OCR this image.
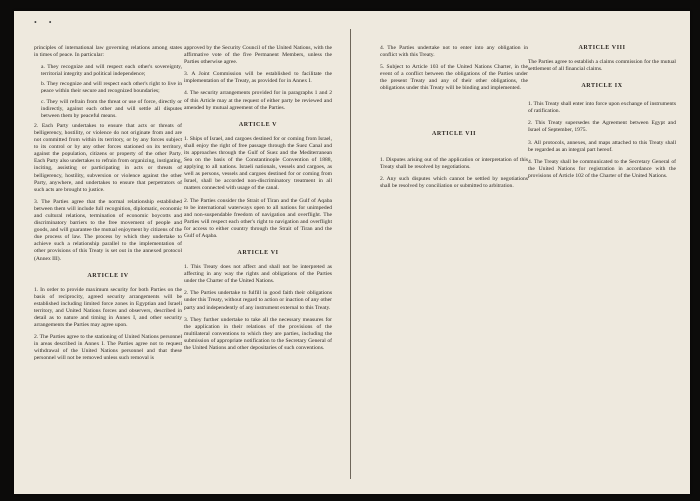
• •

principles of international law governing relations among states in times of peace. In particular:

a. They recognize and will respect each other's sovereignty, territorial integrity and political independence;

b. They recognize and will respect each other's right to live in peace within their secure and recognized boundaries;

c. They will refrain from the threat or use of force, directly or indirectly, against each other and will settle all disputes between them by peaceful means.

2. Each Party undertakes to ensure that acts or threats of belligerency, hostility, or violence do not originate from and are not committed from within its territory, or by any forces subject to its control or by any other forces stationed on its territory, against the population, citizens or property of the other Party. Each Party also undertakes to refrain from organizing, instigating, inciting, assisting or participating in acts or threats of belligerency, hostility, subversion or violence against the other Party, anywhere, and undertakes to ensure that perpetrators of such acts are brought to justice.

3. The Parties agree that the normal relationship established between them will include full recognition, diplomatic, economic and cultural relations, termination of economic boycotts and discriminatory barriers to the free movement of people and goods, and will guarantee the mutual enjoyment by citizens of the due process of law. The process by which they undertake to achieve such a relationship parallel to the implementation of other provisions of this Treaty is set out in the annexed protocol (Annex III).

ARTICLE IV

1. In order to provide maximum security for both Parties on the basis of reciprocity, agreed security arrangements will be established including limited force zones in Egyptian and Israeli territory, and United Nations forces and observers, described in detail as to nature and timing in Annex I, and other security arrangements the Parties may agree upon.

2. The Parties agree to the stationing of United Nations personnel in areas described in Annex I. The Parties agree not to request withdrawal of the United Nations personnel and that these personnel will not be removed unless such removal is

approved by the Security Council of the United Nations, with the affirmative vote of the five Permanent Members, unless the Parties otherwise agree.

3. A Joint Commission will be established to facilitate the implementation of the Treaty, as provided for in Annex I.

4. The security arrangements provided for in paragraphs 1 and 2 of this Article may at the request of either party be reviewed and amended by mutual agreement of the Parties.

ARTICLE V

1. Ships of Israel, and cargoes destined for or coming from Israel, shall enjoy the right of free passage through the Suez Canal and its approaches through the Gulf of Suez and the Mediterranean Sea on the basis of the Constantinople Convention of 1888, applying to all nations. Israeli nationals, vessels and cargoes, as well as persons, vessels and cargoes destined for or coming from Israel, shall be accorded non-discriminatory treatment in all matters connected with usage of the canal.

2. The Parties consider the Strait of Tiran and the Gulf of Aqaba to be international waterways open to all nations for unimpeded and non-suspendable freedom of navigation and overflight. The Parties will respect each other's right to navigation and overflight for access to either country through the Strait of Tiran and the Gulf of Aqaba.

ARTICLE VI

1. This Treaty does not affect and shall not be interpreted as affecting in any way the rights and obligations of the Parties under the Charter of the United Nations.

2. The Parties undertake to fulfill in good faith their obligations under this Treaty, without regard to action or inaction of any other party and independently of any instrument external to this Treaty.

3. They further undertake to take all the necessary measures for the application in their relations of the provisions of the multilateral conventions to which they are parties, including the submission of appropriate notification to the Secretary General of the United Nations and other depositaries of such conventions.

4. The Parties undertake not to enter into any obligation in conflict with this Treaty.

5. Subject to Article 103 of the United Nations Charter, in the event of a conflict between the obligations of the Parties under the present Treaty and any of their other obligations, the obligations under this Treaty will be binding and implemented.

ARTICLE VII

1. Disputes arising out of the application or interpretation of this Treaty shall be resolved by negotiations.

2. Any such disputes which cannot be settled by negotiations shall be resolved by conciliation or submitted to arbitration.

ARTICLE VIII

The Parties agree to establish a claims commission for the mutual settlement of all financial claims.

ARTICLE IX

1. This Treaty shall enter into force upon exchange of instruments of ratification.

2. This Treaty supersedes the Agreement between Egypt and Israel of September, 1975.

3. All protocols, annexes, and maps attached to this Treaty shall be regarded as an integral part hereof.

4. The Treaty shall be communicated to the Secretary General of the United Nations for registration in accordance with the provisions of Article 102 of the Charter of the United Nations.
